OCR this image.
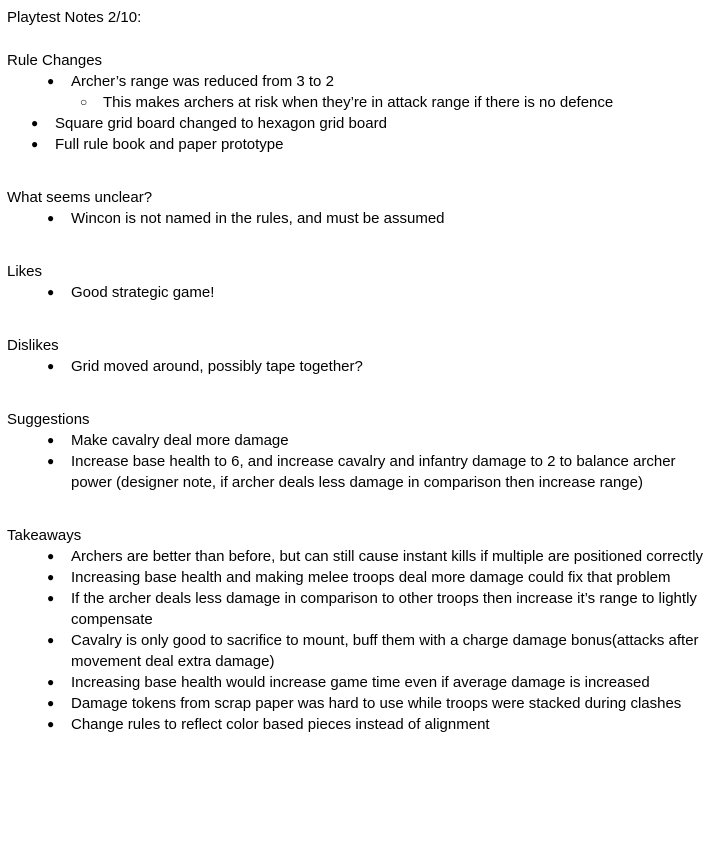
Playtest Notes 2/10:

Rule Changes

● Archer’s range was reduced from 3 to 2
○ This makes archers at risk when they’re in attack range if there is no defence
● Square grid board changed to hexagon grid board
● Full rule book and paper prototype

What seems unclear?

● Wincon is not named in the rules, and must be assumed

Likes

● Good strategic game!

Dislikes

● Grid moved around, possibly tape together?

Suggestions

● Make cavalry deal more damage
● Increase base health to 6, and increase cavalry and infantry damage to 2 to balance archer power (designer note, if archer deals less damage in comparison then increase range)

Takeaways

● Archers are better than before, but can still cause instant kills if multiple are positioned correctly
● Increasing base health and making melee troops deal more damage could fix that problem
● If the archer deals less damage in comparison to other troops then increase it’s range to lightly compensate
● Cavalry is only good to sacrifice to mount, buff them with a charge damage bonus(attacks after movement deal extra damage)
● Increasing base health would increase game time even if average damage is increased
● Damage tokens from scrap paper was hard to use while troops were stacked during clashes
● Change rules to reflect color based pieces instead of alignment
